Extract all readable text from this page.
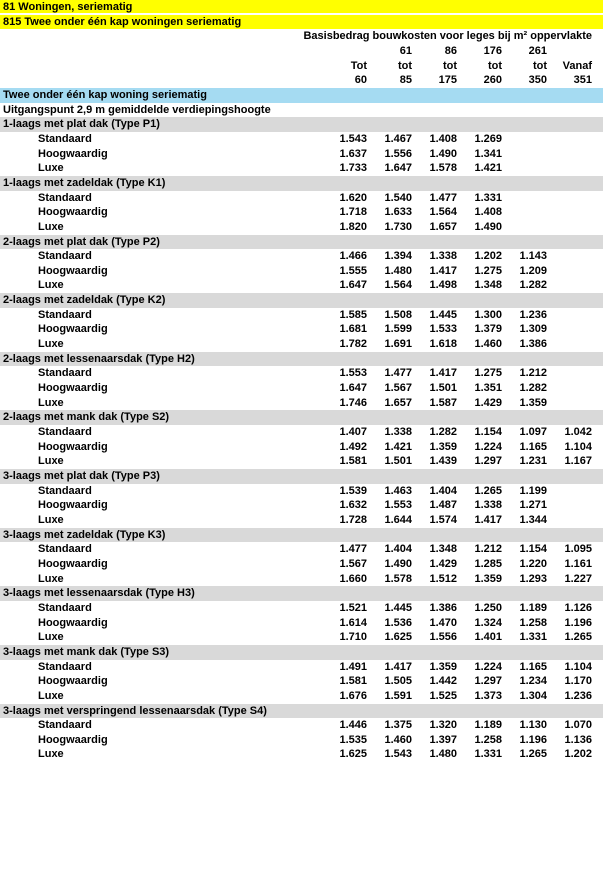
81 Woningen, seriematig
815 Twee onder één kap woningen seriematig
Basisbedrag bouwkosten voor leges bij m² oppervlakte
61	86	176	261
Tot	tot	tot	tot	tot	Vanaf
60	85	175	260	350	351
Twee onder één kap woning seriematig
Uitgangspunt 2,9 m gemiddelde verdiepingshoogte
1-laags met plat dak (Type P1)
Standaard	1.543	1.467	1.408	1.269
Hoogwaardig	1.637	1.556	1.490	1.341
Luxe	1.733	1.647	1.578	1.421
1-laags met zadeldak (Type K1)
Standaard	1.620	1.540	1.477	1.331
Hoogwaardig	1.718	1.633	1.564	1.408
Luxe	1.820	1.730	1.657	1.490
2-laags met plat dak (Type P2)
Standaard	1.466	1.394	1.338	1.202	1.143
Hoogwaardig	1.555	1.480	1.417	1.275	1.209
Luxe	1.647	1.564	1.498	1.348	1.282
2-laags met zadeldak (Type K2)
Standaard	1.585	1.508	1.445	1.300	1.236
Hoogwaardig	1.681	1.599	1.533	1.379	1.309
Luxe	1.782	1.691	1.618	1.460	1.386
2-laags met lessenaarsdak (Type H2)
Standaard	1.553	1.477	1.417	1.275	1.212
Hoogwaardig	1.647	1.567	1.501	1.351	1.282
Luxe	1.746	1.657	1.587	1.429	1.359
2-laags met mank dak (Type S2)
Standaard	1.407	1.338	1.282	1.154	1.097	1.042
Hoogwaardig	1.492	1.421	1.359	1.224	1.165	1.104
Luxe	1.581	1.501	1.439	1.297	1.231	1.167
3-laags met plat dak (Type P3)
Standaard	1.539	1.463	1.404	1.265	1.199
Hoogwaardig	1.632	1.553	1.487	1.338	1.271
Luxe	1.728	1.644	1.574	1.417	1.344
3-laags met zadeldak (Type K3)
Standaard	1.477	1.404	1.348	1.212	1.154	1.095
Hoogwaardig	1.567	1.490	1.429	1.285	1.220	1.161
Luxe	1.660	1.578	1.512	1.359	1.293	1.227
3-laags met lessenaarsdak (Type H3)
Standaard	1.521	1.445	1.386	1.250	1.189	1.126
Hoogwaardig	1.614	1.536	1.470	1.324	1.258	1.196
Luxe	1.710	1.625	1.556	1.401	1.331	1.265
3-laags met mank dak (Type S3)
Standaard	1.491	1.417	1.359	1.224	1.165	1.104
Hoogwaardig	1.581	1.505	1.442	1.297	1.234	1.170
Luxe	1.676	1.591	1.525	1.373	1.304	1.236
3-laags met verspringend lessenaarsdak (Type S4)
Standaard	1.446	1.375	1.320	1.189	1.130	1.070
Hoogwaardig	1.535	1.460	1.397	1.258	1.196	1.136
Luxe	1.625	1.543	1.480	1.331	1.265	1.202
